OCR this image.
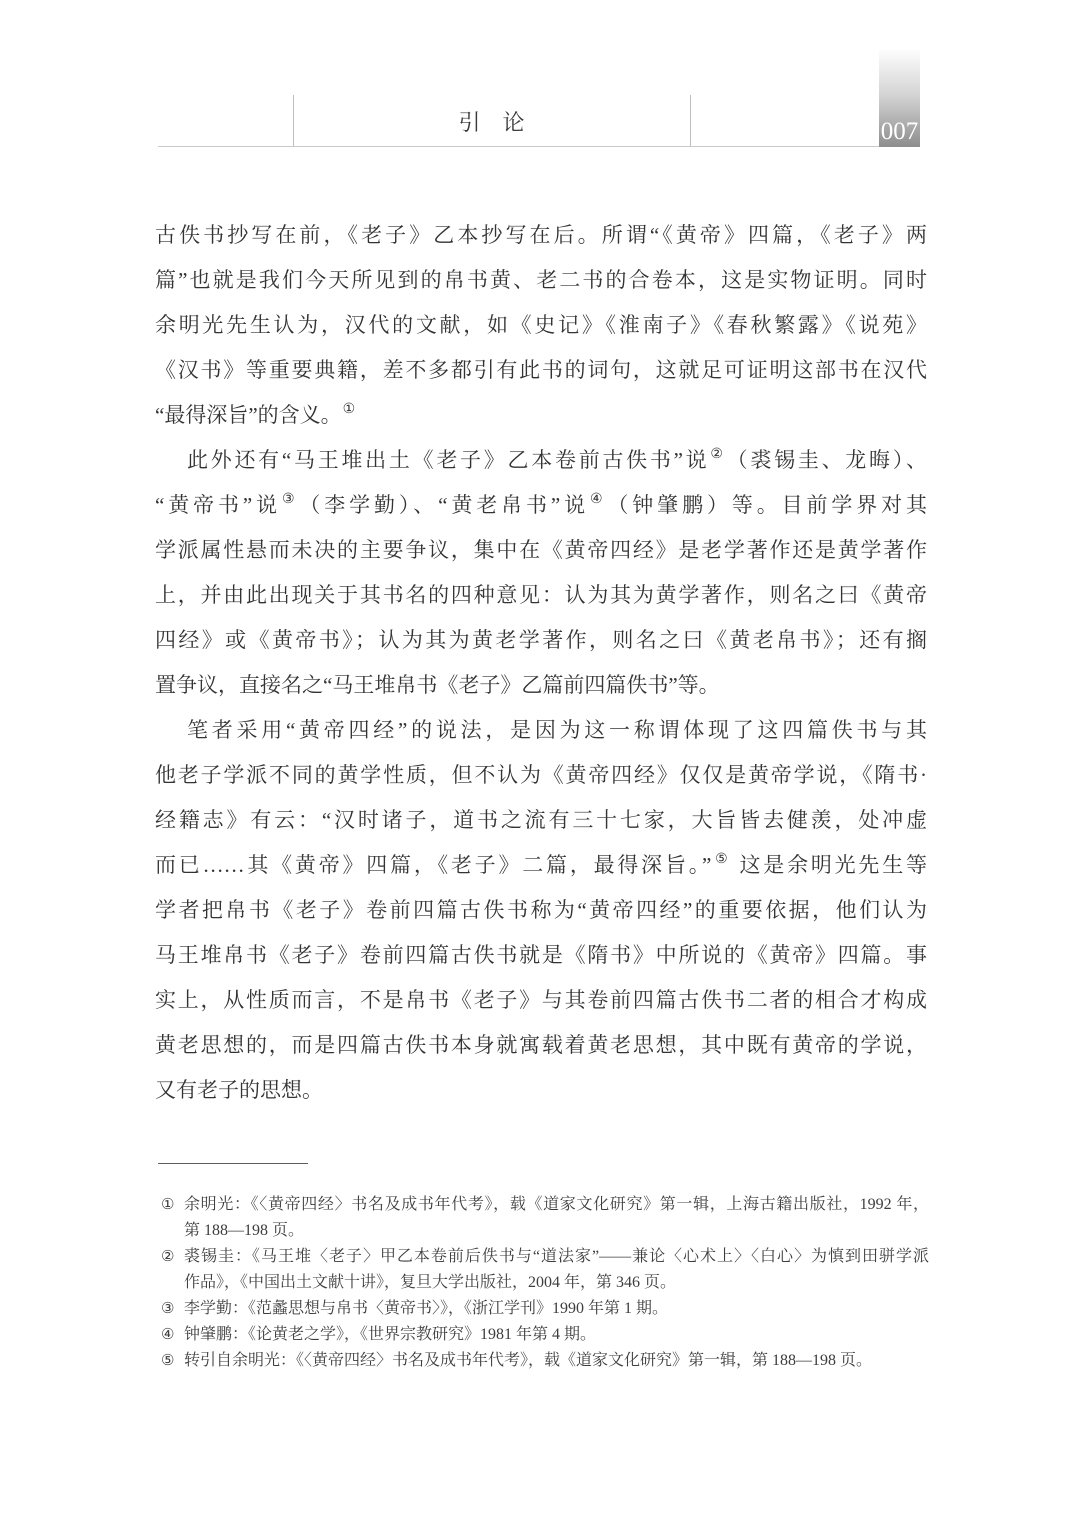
引　论	007
古佚书抄写在前，《老子》乙本抄写在后。所谓“《黄帝》四篇，《老子》两
篇”也就是我们今天所见到的帛书黄、老二书的合卷本，这是实物证明。同时
余明光先生认为，汉代的文献，如《史记》《淮南子》《春秋繁露》《说苑》
《汉书》等重要典籍，差不多都引有此书的词句，这就足可证明这部书在汉代
“最得深旨”的含义。①
此外还有“马王堆出土《老子》乙本卷前古佚书”说②（裘锡圭、龙晦）、
“黄帝书”说③（李学勤）、“黄老帛书”说④（钟肇鹏）等。目前学界对其
学派属性悬而未决的主要争议，集中在《黄帝四经》是老学著作还是黄学著作
上，并由此出现关于其书名的四种意见：认为其为黄学著作，则名之曰《黄帝
四经》或《黄帝书》；认为其为黄老学著作，则名之曰《黄老帛书》；还有搁
置争议，直接名之“马王堆帛书《老子》乙篇前四篇佚书”等。
笔者采用“黄帝四经”的说法，是因为这一称谓体现了这四篇佚书与其
他老子学派不同的黄学性质，但不认为《黄帝四经》仅仅是黄帝学说，《隋书·
经籍志》有云：“汉时诸子，道书之流有三十七家，大旨皆去健羡，处冲虚
而已……其《黄帝》四篇，《老子》二篇，最得深旨。”⑤ 这是余明光先生等
学者把帛书《老子》卷前四篇古佚书称为“黄帝四经”的重要依据，他们认为
马王堆帛书《老子》卷前四篇古佚书就是《隋书》中所说的《黄帝》四篇。事
实上，从性质而言，不是帛书《老子》与其卷前四篇古佚书二者的相合才构成
黄老思想的，而是四篇古佚书本身就寓载着黄老思想，其中既有黄帝的学说，
又有老子的思想。
① 余明光：《〈黄帝四经〉书名及成书年代考》，载《道家文化研究》第一辑，上海古籍出版社，1992 年，
第 188—198 页。
② 裘锡圭：《马王堆〈老子〉甲乙本卷前后佚书与“道法家”——兼论〈心术上〉〈白心〉为慎到田骈学派
作品》，《中国出土文献十讲》，复旦大学出版社，2004 年，第 346 页。
③ 李学勤：《范蠡思想与帛书〈黄帝书〉》，《浙江学刊》1990 年第 1 期。
④ 钟肇鹏：《论黄老之学》，《世界宗教研究》1981 年第 4 期。
⑤ 转引自余明光：《〈黄帝四经〉书名及成书年代考》，载《道家文化研究》第一辑，第 188—198 页。
